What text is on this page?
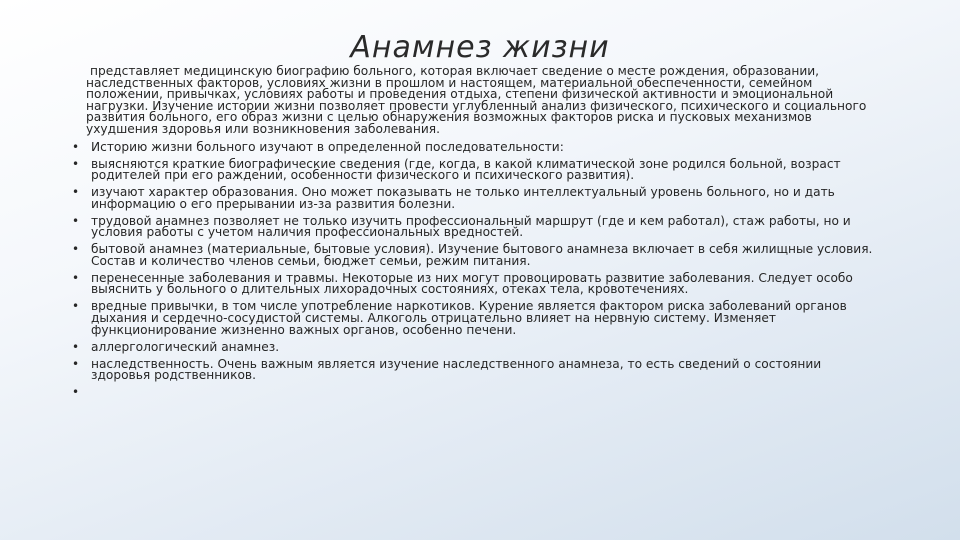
Анамнез жизни

представляет медицинскую биографию больного, которая включает сведение о месте рождения, образовании, наследственных факторов, условиях жизни в прошлом и настоящем, материальной обеспеченности, семейном положении, привычках, условиях работы и проведения отдыха, степени физической активности и эмоциональной нагрузки. Изучение истории жизни позволяет провести углубленный анализ физического, психического и социального развития больного, его образ жизни с целью обнаружения возможных факторов риска и пусковых механизмов ухудшения здоровья или возникновения заболевания.

• Историю жизни больного изучают в определенной последовательности:
• выясняются краткие биографические сведения (где, когда, в какой климатической зоне родился больной, возраст родителей при его раждении, особенности физического и психического развития).
• изучают характер образования. Оно может показывать не только интеллектуальный уровень больного, но и дать информацию о его прерывании из-за развития болезни.
• трудовой анамнез позволяет не только изучить профессиональный маршрут (где и кем работал), стаж работы, но и условия работы с учетом наличия профессиональных вредностей.
• бытовой анамнез (материальные, бытовые условия). Изучение бытового анамнеза включает в себя жилищные условия. Состав и количество членов семьи, бюджет семьи, режим питания.
• перенесенные заболевания и травмы. Некоторые из них могут провоцировать развитие заболевания. Следует особо выяснить у больного о длительных лихорадочных состояниях, отеках тела, кровотечениях.
• вредные привычки, в том числе употребление наркотиков. Курение является фактором риска заболеваний органов дыхания и сердечно-сосудистой системы. Алкоголь отрицательно влияет на нервную систему. Изменяет функционирование жизненно важных органов, особенно печени.
• аллергологический анамнез.
• наследственность. Очень важным является изучение наследственного анамнеза, то есть сведений о состоянии здоровья родственников.
•
